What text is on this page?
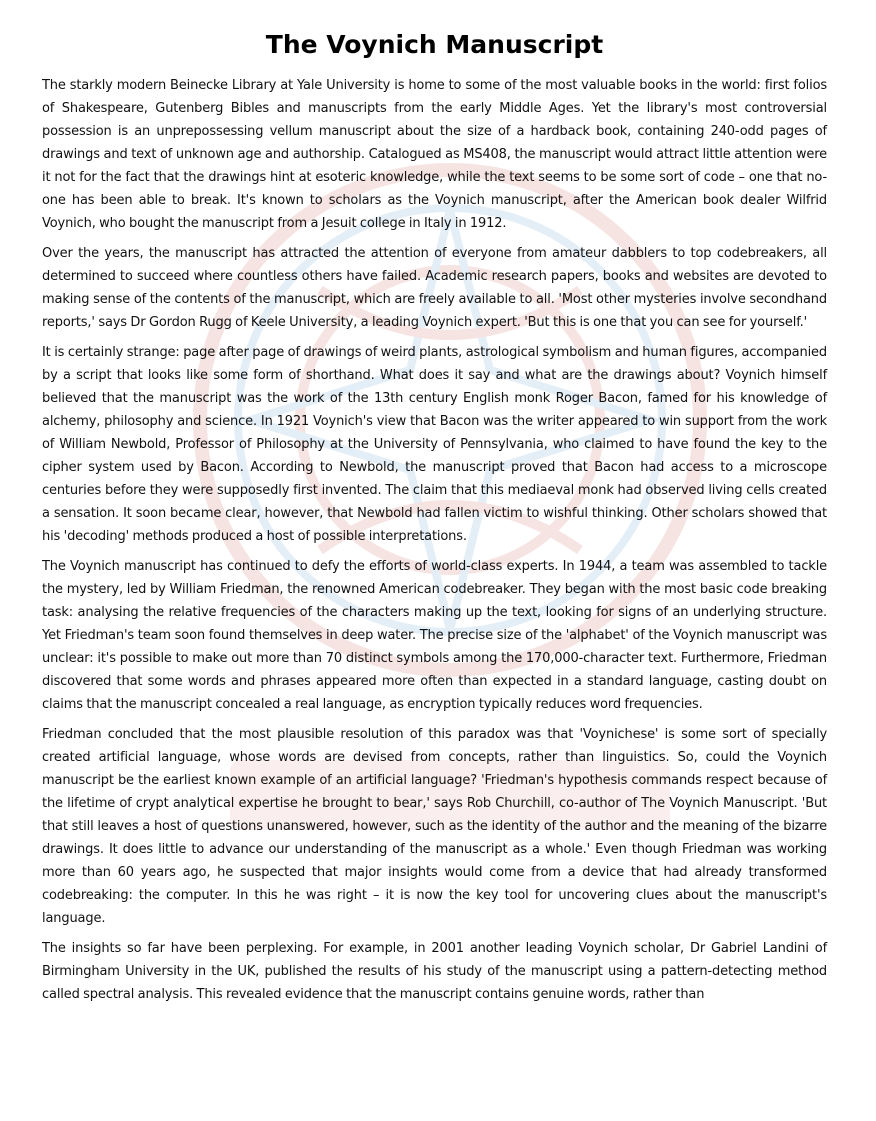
The Voynich Manuscript

The starkly modern Beinecke Library at Yale University is home to some of the most valuable books in the world: first folios of Shakespeare, Gutenberg Bibles and manuscripts from the early Middle Ages. Yet the library's most controversial possession is an unprepossessing vellum manuscript about the size of a hardback book, containing 240-odd pages of drawings and text of unknown age and authorship. Catalogued as MS408, the manuscript would attract little attention were it not for the fact that the drawings hint at esoteric knowledge, while the text seems to be some sort of code – one that no-one has been able to break. It's known to scholars as the Voynich manuscript, after the American book dealer Wilfrid Voynich, who bought the manuscript from a Jesuit college in Italy in 1912.

Over the years, the manuscript has attracted the attention of everyone from amateur dabblers to top codebreakers, all determined to succeed where countless others have failed. Academic research papers, books and websites are devoted to making sense of the contents of the manuscript, which are freely available to all. 'Most other mysteries involve secondhand reports,' says Dr Gordon Rugg of Keele University, a leading Voynich expert. 'But this is one that you can see for yourself.'

It is certainly strange: page after page of drawings of weird plants, astrological symbolism and human figures, accompanied by a script that looks like some form of shorthand. What does it say and what are the drawings about? Voynich himself believed that the manuscript was the work of the 13th century English monk Roger Bacon, famed for his knowledge of alchemy, philosophy and science. In 1921 Voynich's view that Bacon was the writer appeared to win support from the work of William Newbold, Professor of Philosophy at the University of Pennsylvania, who claimed to have found the key to the cipher system used by Bacon. According to Newbold, the manuscript proved that Bacon had access to a microscope centuries before they were supposedly first invented. The claim that this mediaeval monk had observed living cells created a sensation. It soon became clear, however, that Newbold had fallen victim to wishful thinking. Other scholars showed that his 'decoding' methods produced a host of possible interpretations.

The Voynich manuscript has continued to defy the efforts of world-class experts. In 1944, a team was assembled to tackle the mystery, led by William Friedman, the renowned American codebreaker. They began with the most basic code breaking task: analysing the relative frequencies of the characters making up the text, looking for signs of an underlying structure. Yet Friedman's team soon found themselves in deep water. The precise size of the 'alphabet' of the Voynich manuscript was unclear: it's possible to make out more than 70 distinct symbols among the 170,000-character text. Furthermore, Friedman discovered that some words and phrases appeared more often than expected in a standard language, casting doubt on claims that the manuscript concealed a real language, as encryption typically reduces word frequencies.

Friedman concluded that the most plausible resolution of this paradox was that 'Voynichese' is some sort of specially created artificial language, whose words are devised from concepts, rather than linguistics. So, could the Voynich manuscript be the earliest known example of an artificial language? 'Friedman's hypothesis commands respect because of the lifetime of crypt analytical expertise he brought to bear,' says Rob Churchill, co-author of The Voynich Manuscript. 'But that still leaves a host of questions unanswered, however, such as the identity of the author and the meaning of the bizarre drawings. It does little to advance our understanding of the manuscript as a whole.' Even though Friedman was working more than 60 years ago, he suspected that major insights would come from a device that had already transformed codebreaking: the computer. In this he was right – it is now the key tool for uncovering clues about the manuscript's language.

The insights so far have been perplexing. For example, in 2001 another leading Voynich scholar, Dr Gabriel Landini of Birmingham University in the UK, published the results of his study of the manuscript using a pattern-detecting method called spectral analysis. This revealed evidence that the manuscript contains genuine words, rather than
